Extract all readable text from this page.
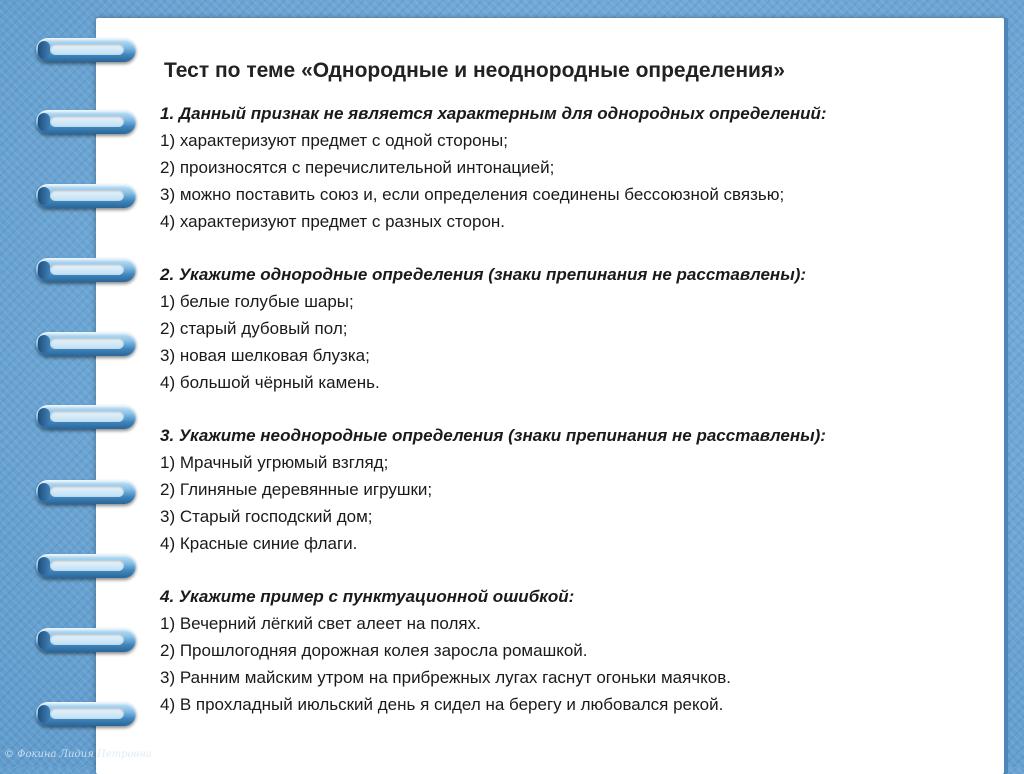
Тест по теме «Однородные и неоднородные определения»
1. Данный признак не является характерным для однородных определений:
1) характеризуют предмет с одной стороны;
2) произносятся с перечислительной интонацией;
3) можно поставить союз и, если определения соединены бессоюзной связью;
4) характеризуют предмет с разных сторон.
2. Укажите однородные определения (знаки препинания не расставлены):
1) белые голубые шары;
2) старый дубовый пол;
3) новая шелковая блузка;
4) большой чёрный камень.
3. Укажите неоднородные определения (знаки препинания не расставлены):
1) Мрачный угрюмый взгляд;
2) Глиняные деревянные игрушки;
3) Старый господский дом;
4) Красные синие флаги.
4. Укажите пример с пунктуационной ошибкой:
1) Вечерний лёгкий свет алеет на полях.
2) Прошлогодняя дорожная колея заросла ромашкой.
3) Ранним майским утром на прибрежных лугах гаснут огоньки маячков.
4) В прохладный июльский день я сидел на берегу и любовался рекой.
© Фокина Лидия Петровна
